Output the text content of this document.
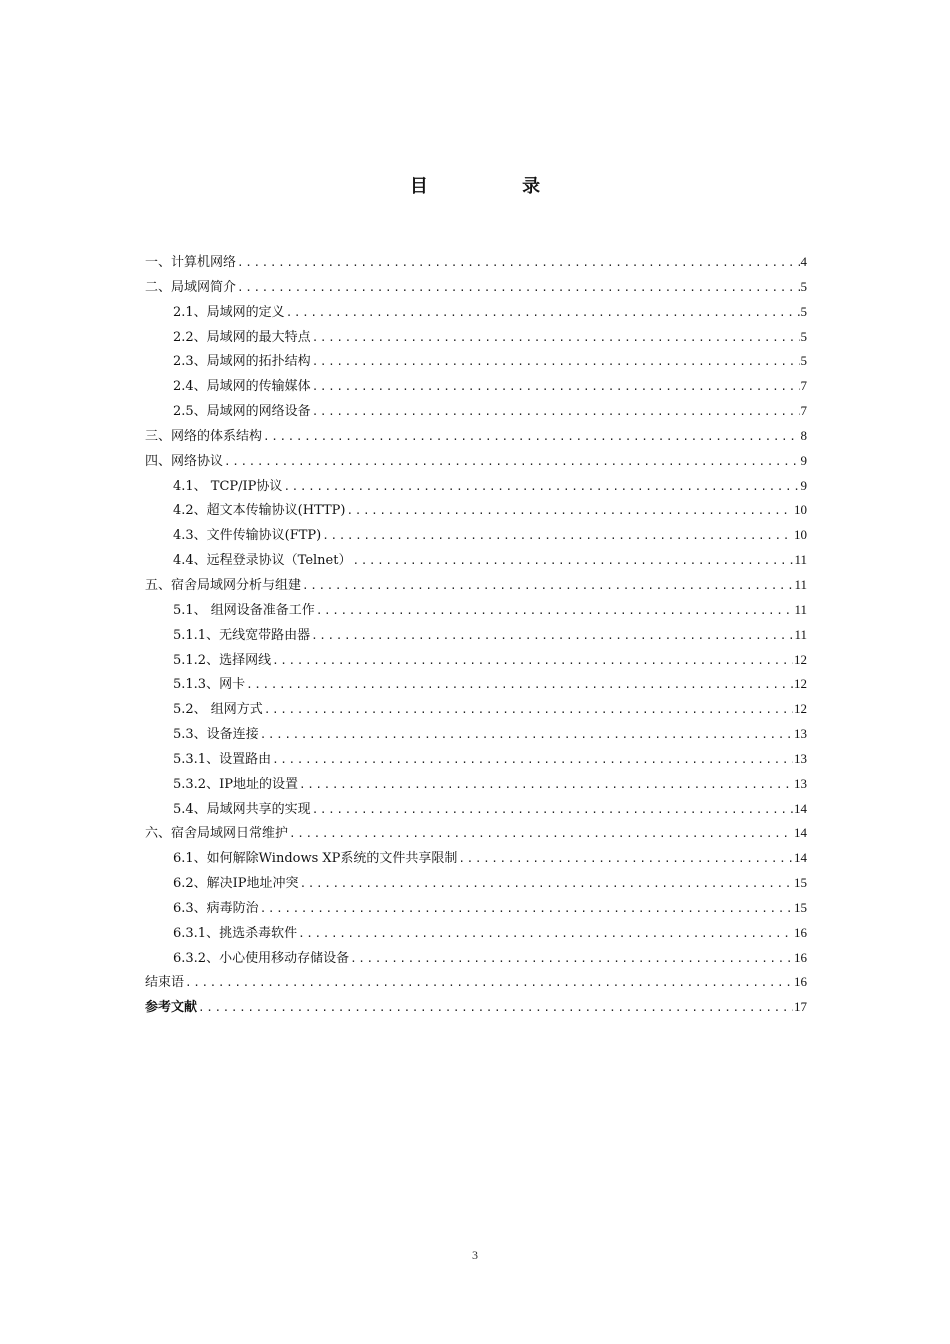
目 录
一、计算机网络 .....	4
二、局域网简介 .....	5
2.1、局域网的定义 .....	5
2.2、局域网的最大特点 .....	5
2.3、局域网的拓扑结构 .....	5
2.4、局域网的传输媒体 .....	7
2.5、局域网的网络设备 .....	7
三、网络的体系结构 .....	8
四、网络协议 .....	9
4.1、 TCP/IP协议 .....	9
4.2、超文本传输协议(HTTP) .....	10
4.3、文件传输协议(FTP) .....	10
4.4、远程登录协议（Telnet） .....	11
五、宿舍局域网分析与组建 .....	11
5.1、 组网设备准备工作 .....	11
5.1.1、无线宽带路由器 .....	11
5.1.2、选择网线 .....	12
5.1.3、网卡 .....	12
5.2、 组网方式 .....	12
5.3、设备连接 .....	13
5.3.1、设置路由 .....	13
5.3.2、IP地址的设置 .....	13
5.4、局域网共享的实现 .....	14
六、宿舍局域网日常维护 .....	14
6.1、如何解除Windows XP系统的文件共享限制 .....	14
6.2、解决IP地址冲突 .....	15
6.3、病毒防治 .....	15
6.3.1、挑选杀毒软件 .....	16
6.3.2、小心使用移动存储设备 .....	16
结束语 .....	16
参考文献 .....	17
3
